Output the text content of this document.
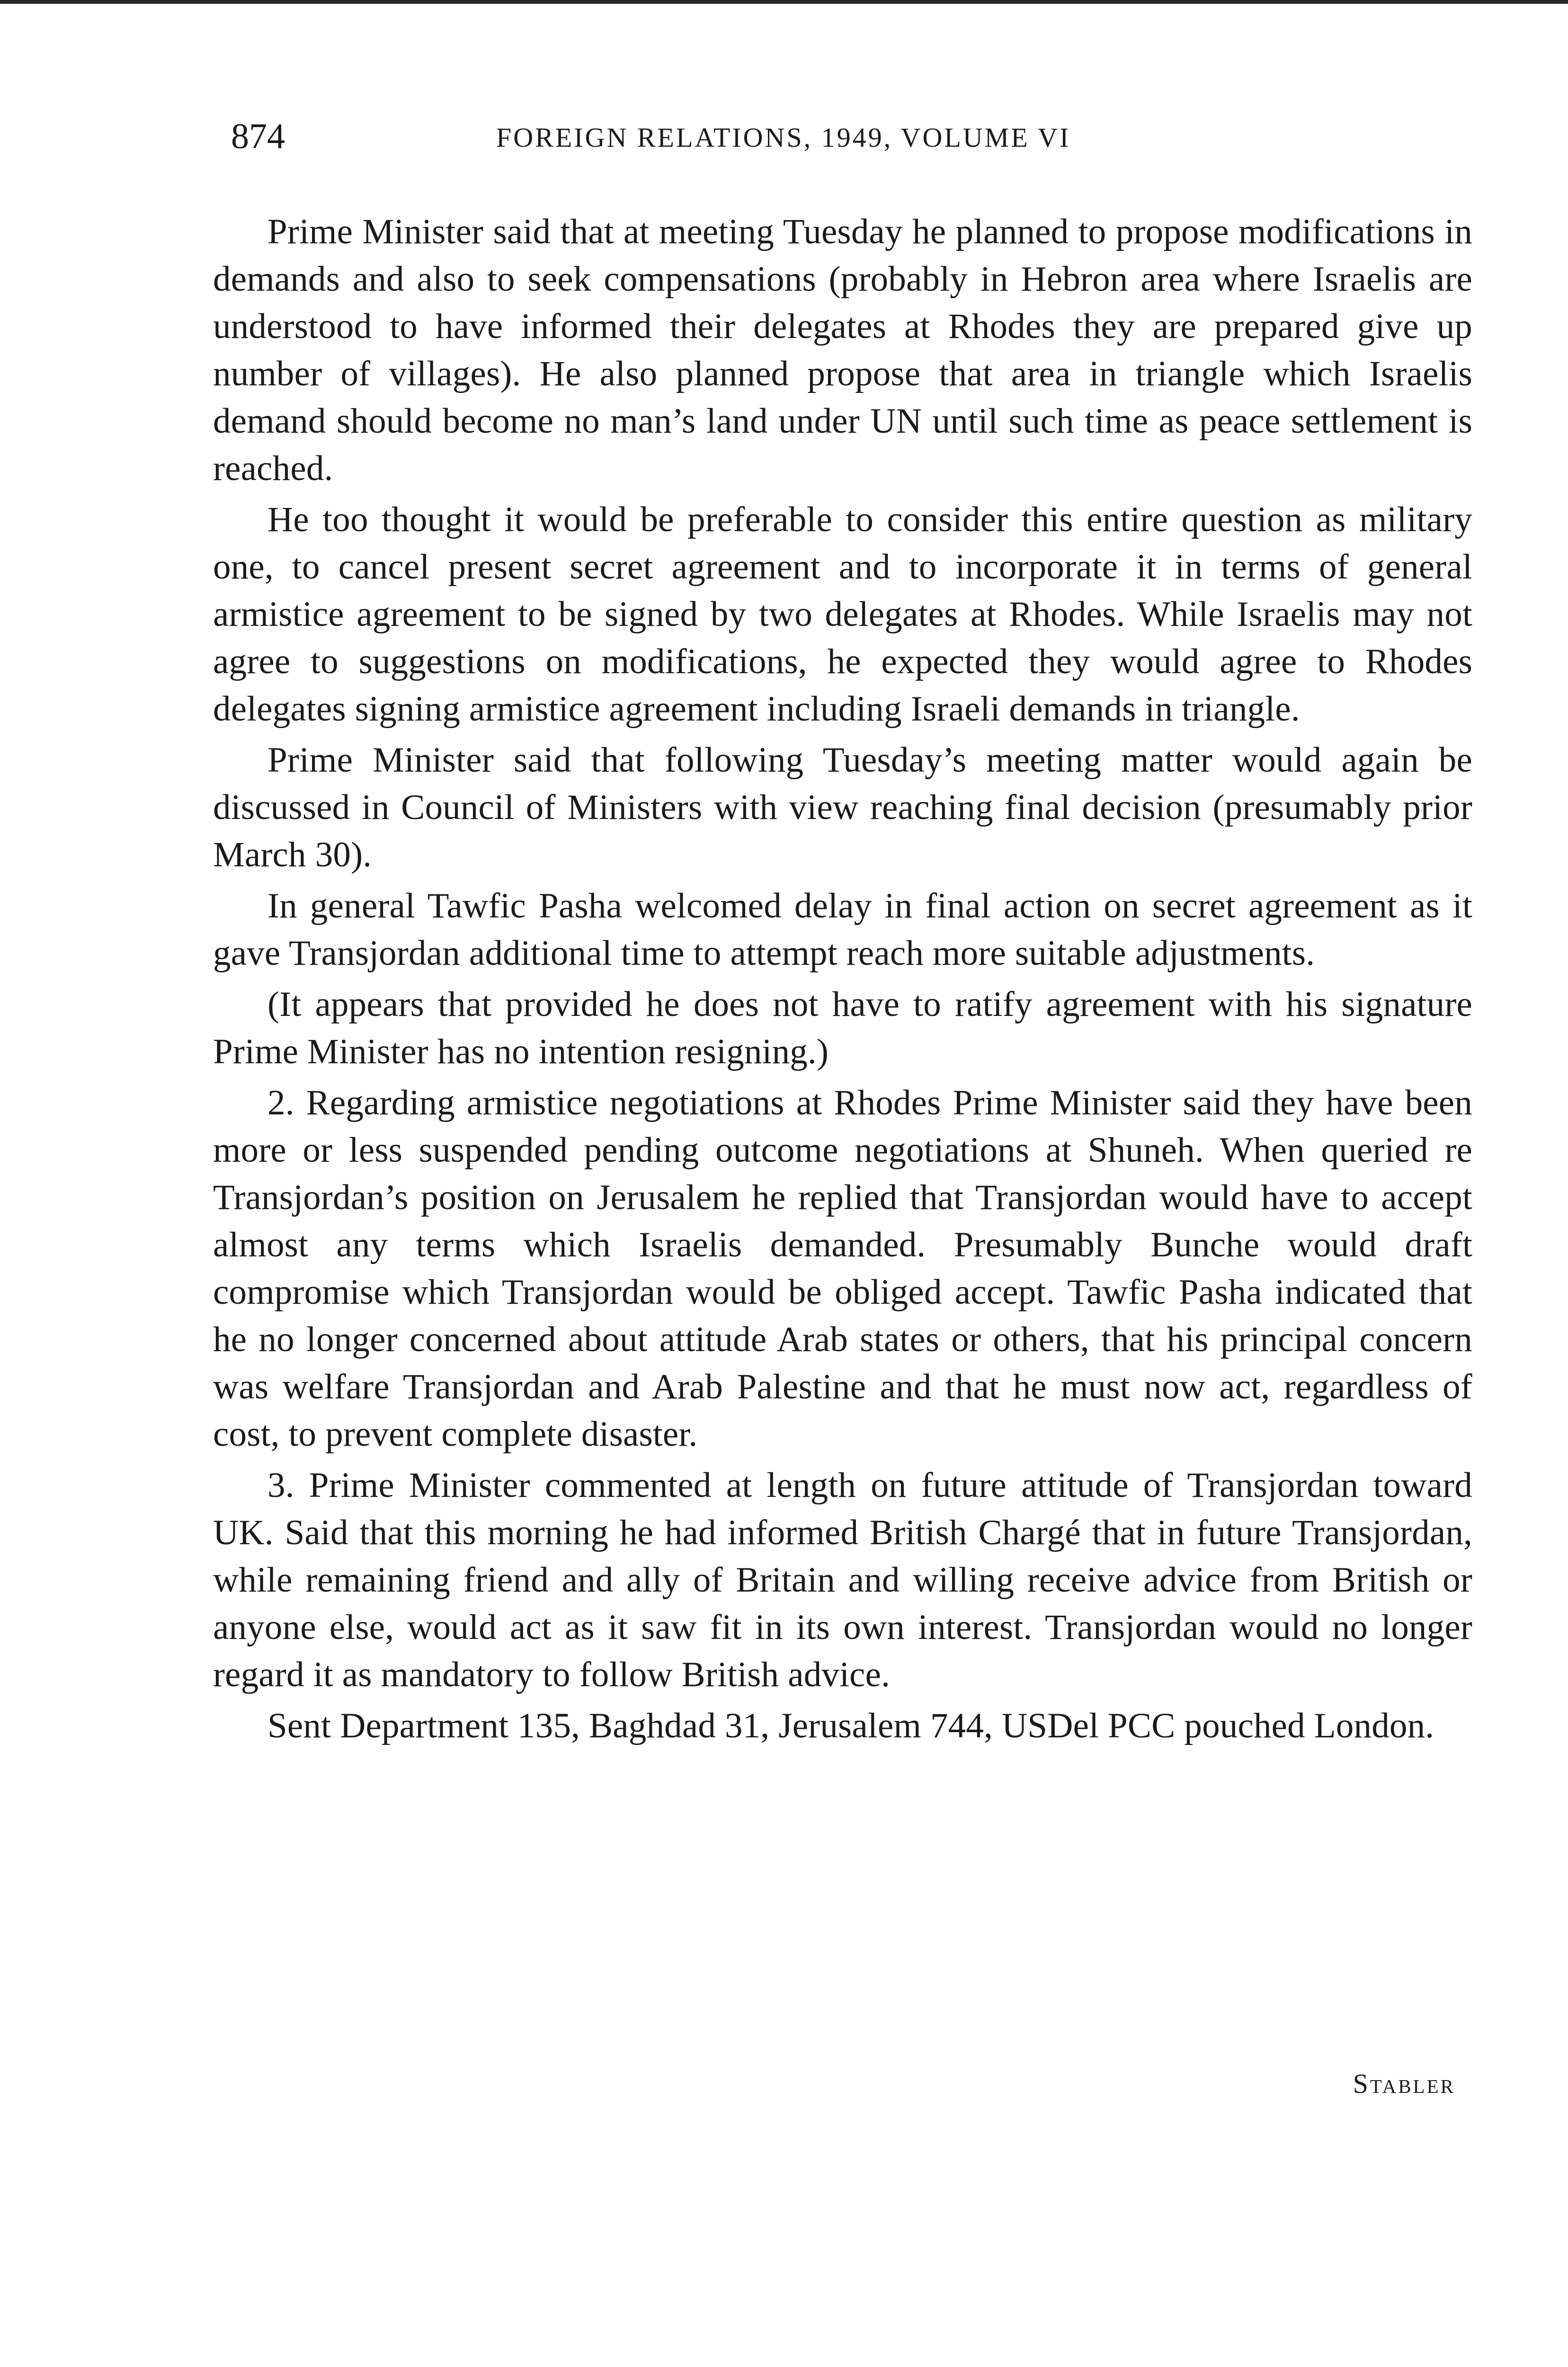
874	FOREIGN RELATIONS, 1949, VOLUME VI

Prime Minister said that at meeting Tuesday he planned to propose modifications in demands and also to seek compensations (probably in Hebron area where Israelis are understood to have informed their delegates at Rhodes they are prepared give up number of villages). He also planned propose that area in triangle which Israelis demand should become no man’s land under UN until such time as peace settlement is reached.

He too thought it would be preferable to consider this entire question as military one, to cancel present secret agreement and to incorporate it in terms of general armistice agreement to be signed by two delegates at Rhodes. While Israelis may not agree to suggestions on modifications, he expected they would agree to Rhodes delegates signing armistice agreement including Israeli demands in triangle.

Prime Minister said that following Tuesday’s meeting matter would again be discussed in Council of Ministers with view reaching final decision (presumably prior March 30).

In general Tawfic Pasha welcomed delay in final action on secret agreement as it gave Transjordan additional time to attempt reach more suitable adjustments.

(It appears that provided he does not have to ratify agreement with his signature Prime Minister has no intention resigning.)

2. Regarding armistice negotiations at Rhodes Prime Minister said they have been more or less suspended pending outcome negotiations at Shuneh. When queried re Transjordan’s position on Jerusalem he replied that Transjordan would have to accept almost any terms which Israelis demanded. Presumably Bunche would draft compromise which Transjordan would be obliged accept. Tawfic Pasha indicated that he no longer concerned about attitude Arab states or others, that his principal concern was welfare Transjordan and Arab Palestine and that he must now act, regardless of cost, to prevent complete disaster.

3. Prime Minister commented at length on future attitude of Transjordan toward UK. Said that this morning he had informed British Chargé that in future Transjordan, while remaining friend and ally of Britain and willing receive advice from British or anyone else, would act as it saw fit in its own interest. Transjordan would no longer regard it as mandatory to follow British advice.

Sent Department 135, Baghdad 31, Jerusalem 744, USDel PCC pouched London.

Stabler
